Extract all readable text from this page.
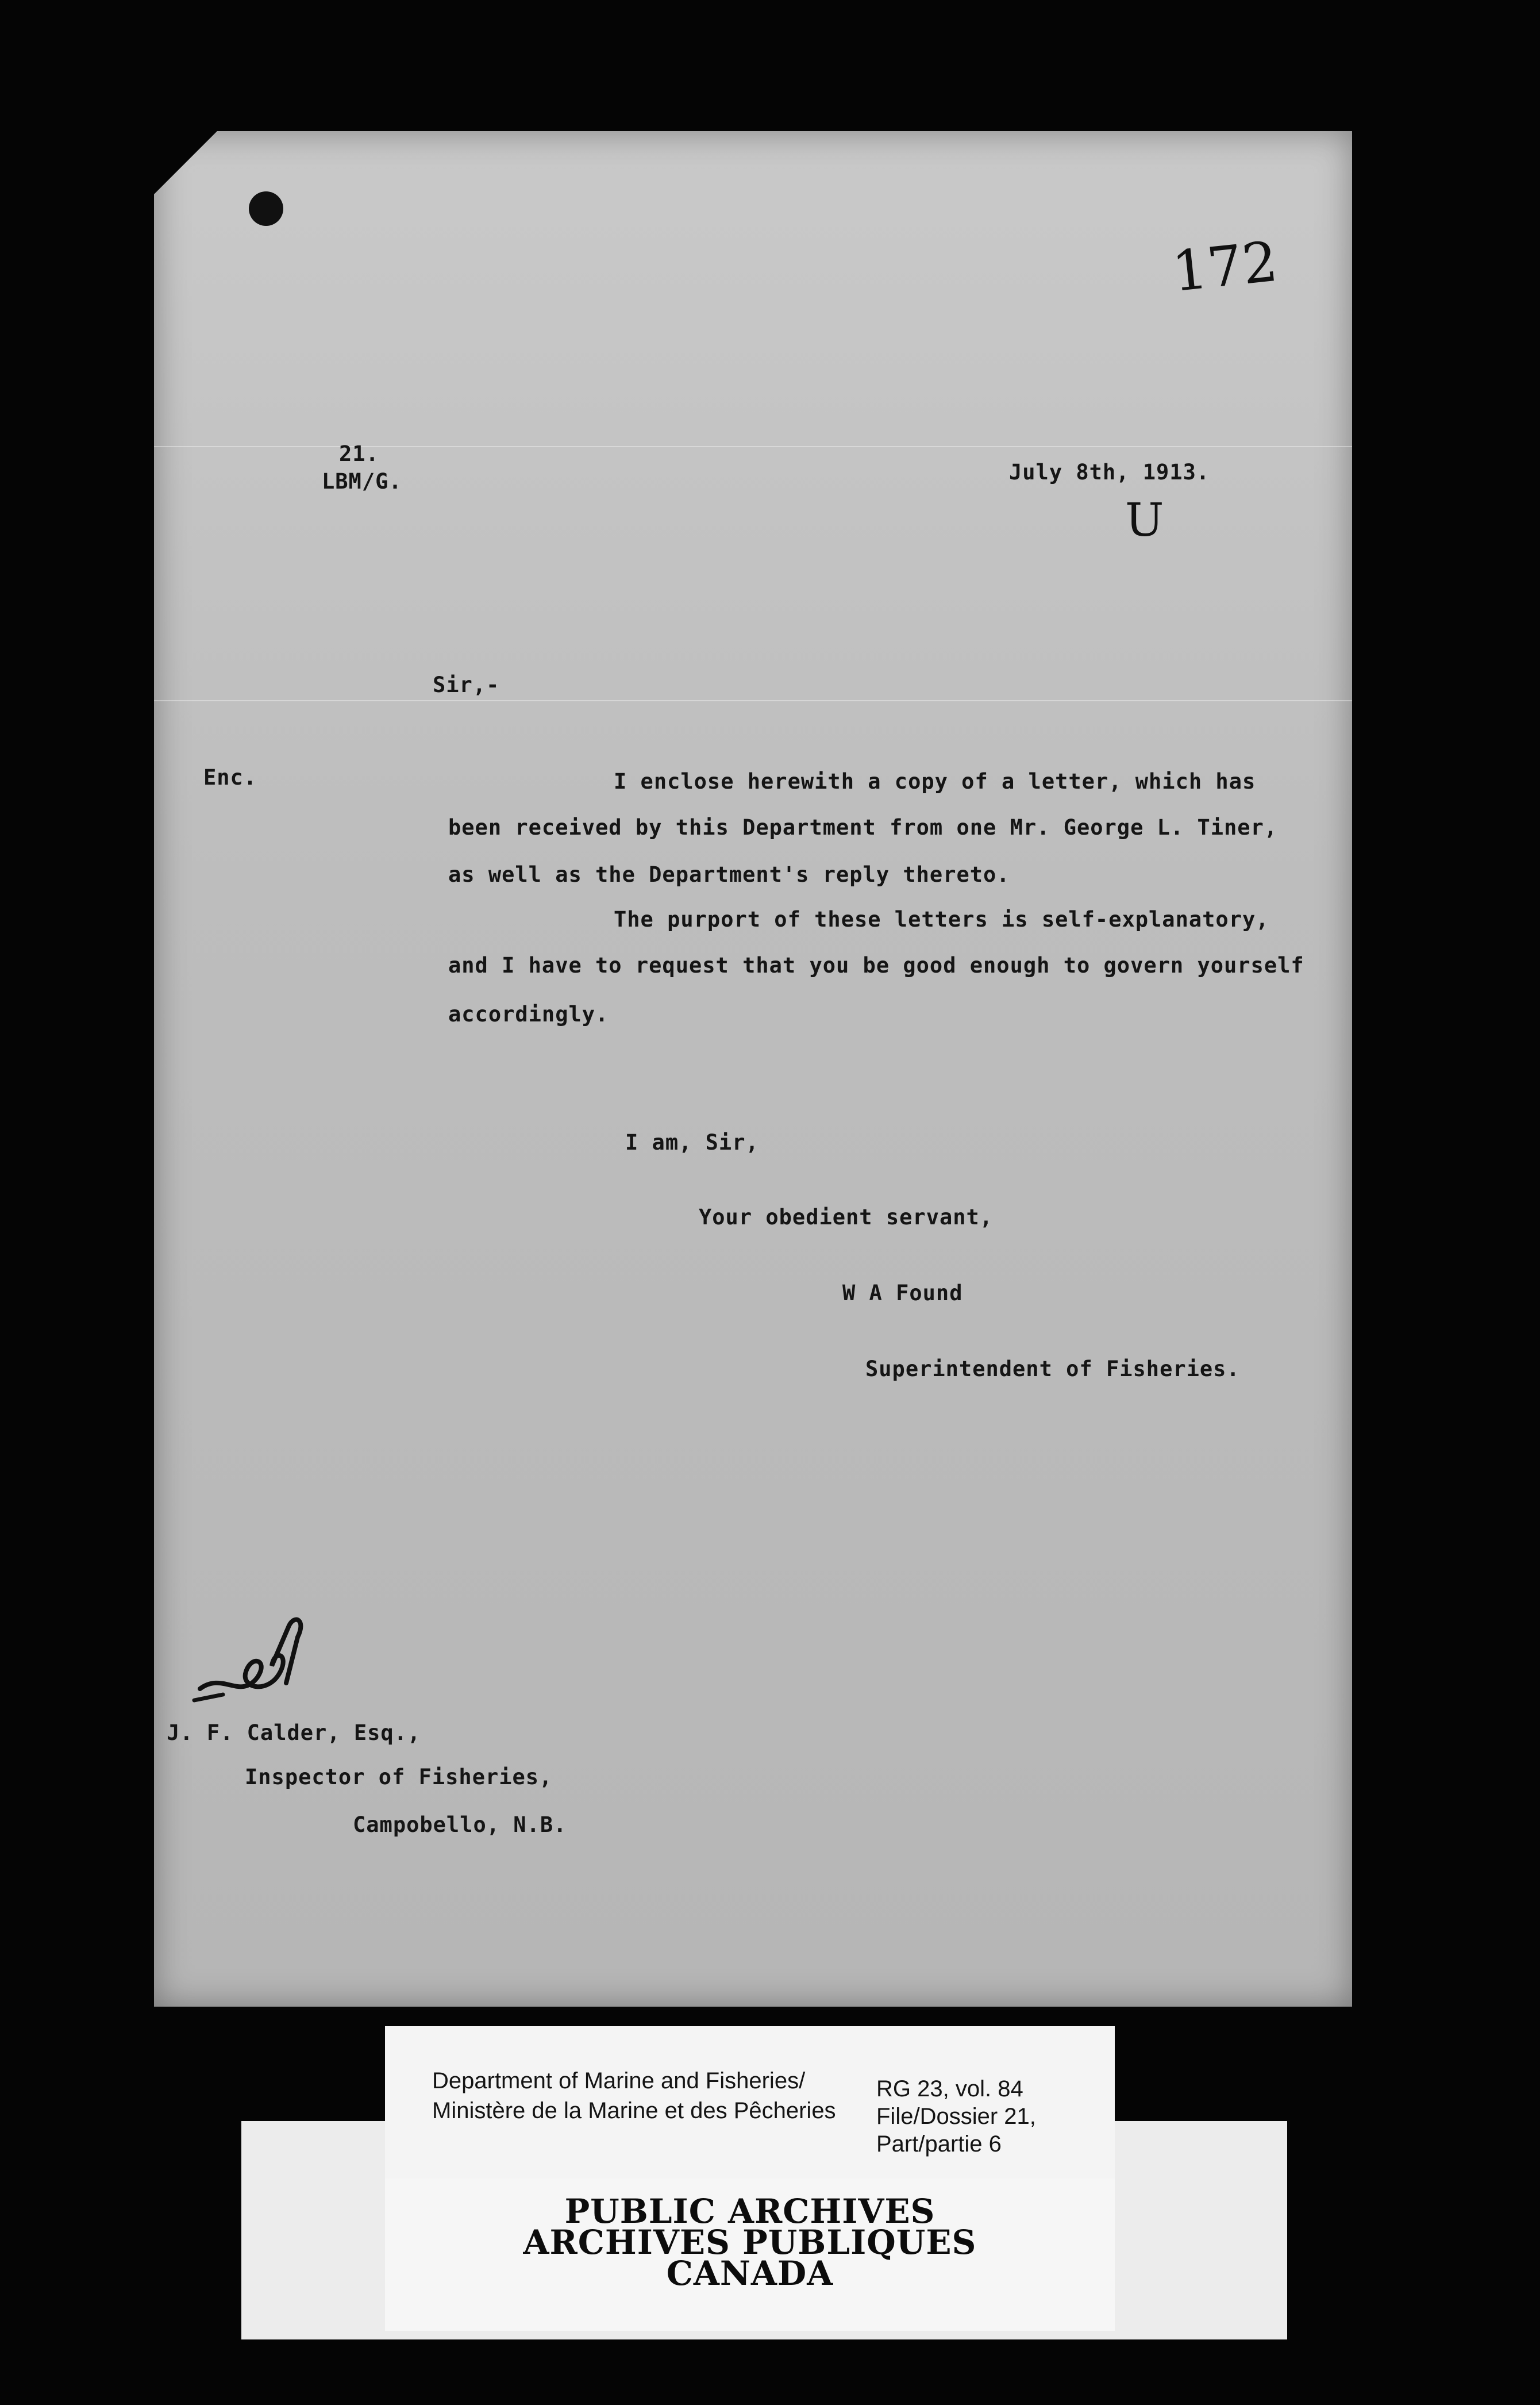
172
21.
LBM/G.	July 8th, 1913.
U
Sir,-
Enc.	I enclose herewith a copy of a letter, which has
been received by this Department from one Mr. George L. Tiner,
as well as the Department's reply thereto.
The purport of these letters is self-explanatory,
and I have to request that you be good enough to govern yourself
accordingly.
I am, Sir,
Your obedient servant,
W A Found
Superintendent of Fisheries.
J. F. Calder, Esq.,
Inspector of Fisheries,
Campobello, N.B.
Department of Marine and Fisheries/
Ministère de la Marine et des Pêcheries
RG 23, vol. 84
File/Dossier 21,
Part/partie 6
PUBLIC ARCHIVES
ARCHIVES PUBLIQUES
CANADA
